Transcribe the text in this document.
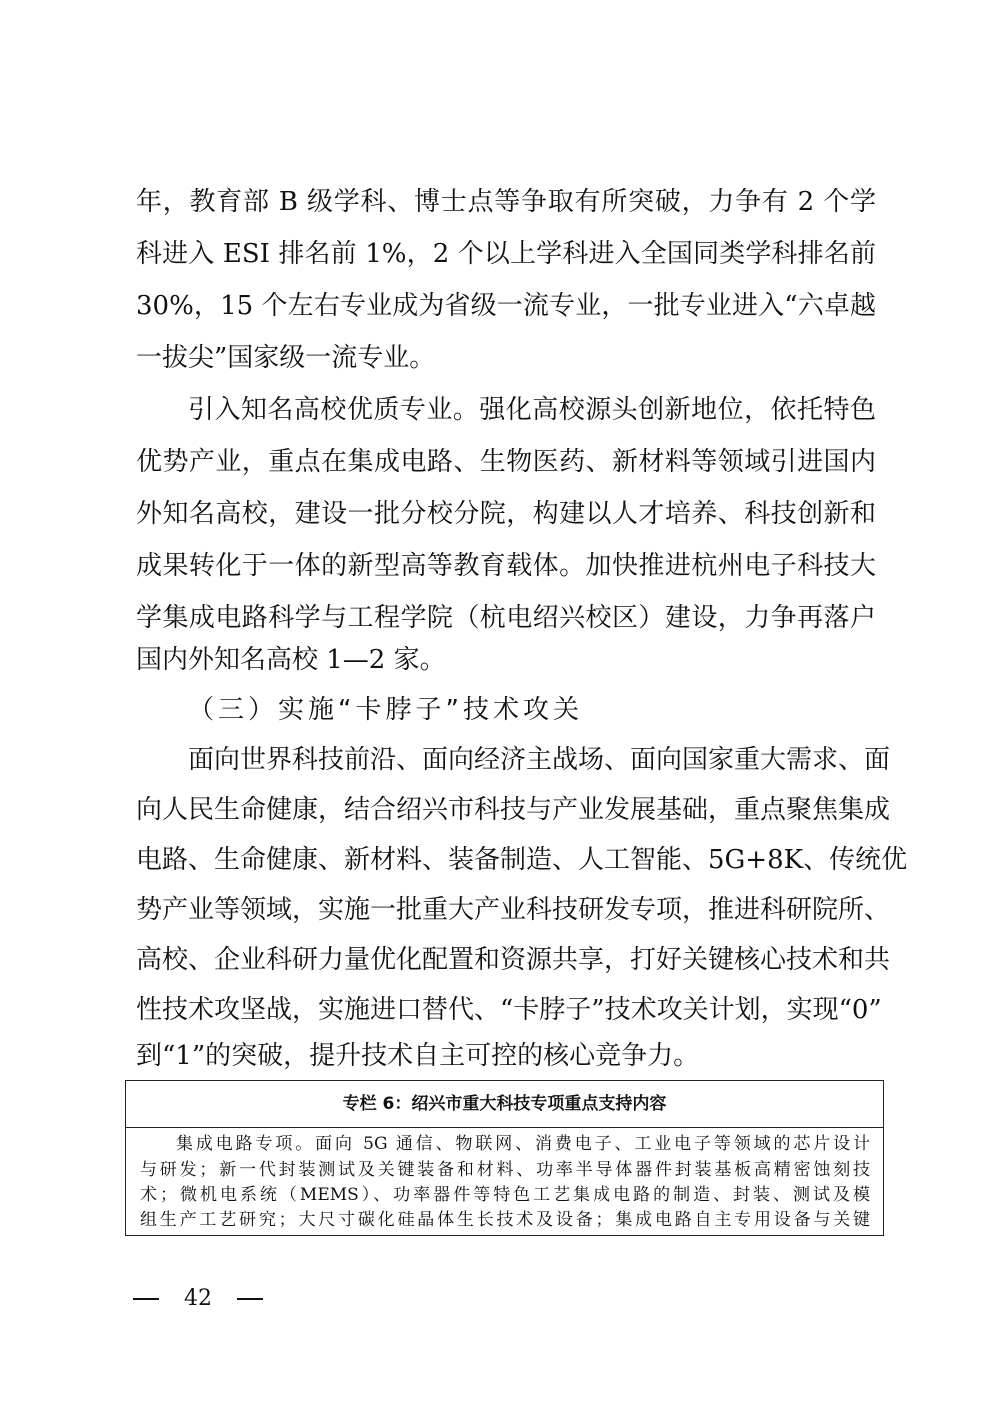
年，教育部 B 级学科、博士点等争取有所突破，力争有 2 个学
科进入 ESI 排名前 1%，2 个以上学科进入全国同类学科排名前
30%，15 个左右专业成为省级一流专业，一批专业进入“六卓越
一拔尖”国家级一流专业。
引入知名高校优质专业。强化高校源头创新地位，依托特色
优势产业，重点在集成电路、生物医药、新材料等领域引进国内
外知名高校，建设一批分校分院，构建以人才培养、科技创新和
成果转化于一体的新型高等教育载体。加快推进杭州电子科技大
学集成电路科学与工程学院（杭电绍兴校区）建设，力争再落户
国内外知名高校 1—2 家。
（三）实施“卡脖子”技术攻关
面向世界科技前沿、面向经济主战场、面向国家重大需求、面
向人民生命健康，结合绍兴市科技与产业发展基础，重点聚焦集成
电路、生命健康、新材料、装备制造、人工智能、5G+8K、传统优
势产业等领域，实施一批重大产业科技研发专项，推进科研院所、
高校、企业科研力量优化配置和资源共享，打好关键核心技术和共
性技术攻坚战，实施进口替代、“卡脖子”技术攻关计划，实现“0”
到“1”的突破，提升技术自主可控的核心竞争力。
专栏 6：绍兴市重大科技专项重点支持内容
集成电路专项。面向 5G 通信、物联网、消费电子、工业电子等领域的芯片设计
与研发；新一代封装测试及关键装备和材料、功率半导体器件封装基板高精密蚀刻技
术；微机电系统（MEMS）、功率器件等特色工艺集成电路的制造、封装、测试及模
组生产工艺研究；大尺寸碳化硅晶体生长技术及设备；集成电路自主专用设备与关键
42
